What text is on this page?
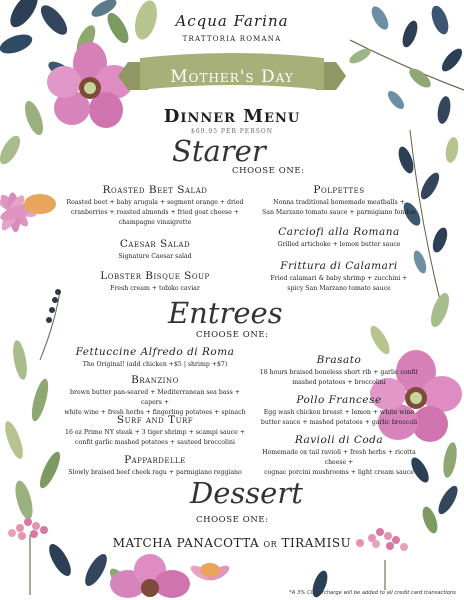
Acqua Farina
TRATTORIA ROMANA
Mother's Day
Dinner Menu
$69.95 PER PERSON
Starer
CHOOSE ONE:
Roasted Beet Salad
Roasted beet + baby arugula + segment orange + dried
cranberries + roasted almonds + fried goat cheese +
champagne vinaigrette
Caesar Salad
Signature Caesar salad
Lobster Bisque Soup
Fresh cream + tobiko caviar
Polpettes
Nonna traditional homemade meatballs +
San Marzano tomato sauce + parmigiano fondue
Carciofi alla Romana
Grilled artichoke + lemon butter sauce
Frittura di Calamari
Fried calamari & baby shrimp + zucchini +
spicy San Marzano tomato sauce
Entrees
CHOOSE ONE:
Fettuccine Alfredo di Roma
The Original! (add chicken +$5 | shrimp +$7)
Branzino
brown butter pan-seared + Mediterranean sea bass + capers +
white wine + fresh herbs + fingerling potatoes + spinach
Surf and Turf
16 oz Prime NY steak + 3 tiger shrimp + scampi sauce +
confit garlic mashed potatoes + sauteed broccolini
Pappardelle
Slowly braised beef cheek ragu + parmigiano reggiano
Brasato
18 hours braised boneless short rib + garlic confit
mashed potatoes + broccolini
Pollo Francese
Egg wash chicken breast + lemon + white wine
butter sauce + mashed potatoes + garlic broccoli
Ravioli di Coda
Homemade ox tail ravioli + fresh herbs + ricotta cheese +
cognac porcini mushrooms + light cream sauce
Dessert
CHOOSE ONE:
MATCHA PANACOTTA or TIRAMISU
*A 3% CC surcharge will be added to all credit card transactions
